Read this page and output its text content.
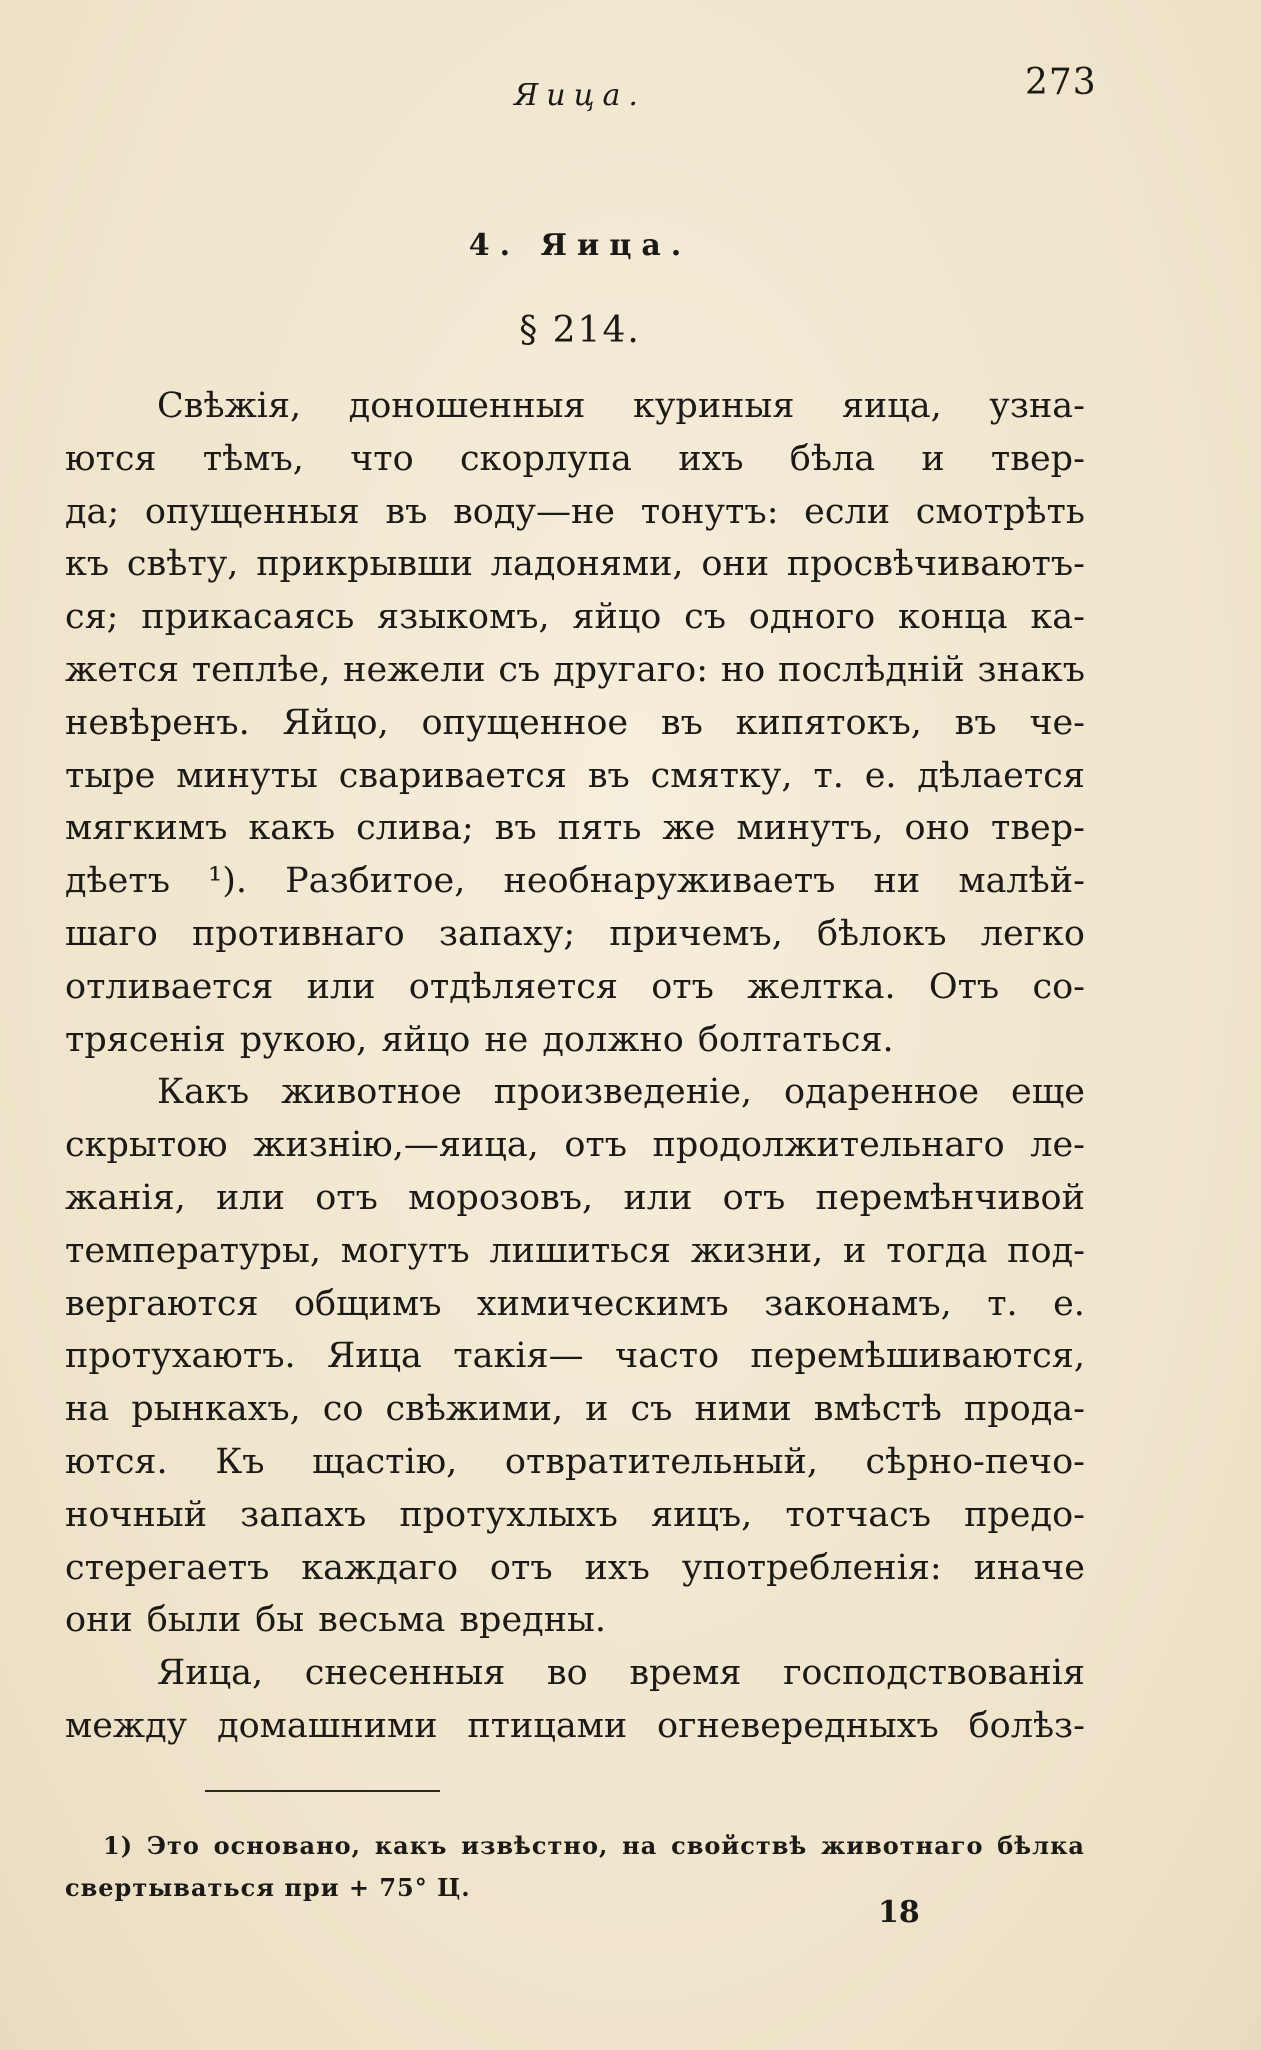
Яица.	273
4. Яица.
§ 214.
Свѣжія, доношенныя куриныя яица, узна-
ются тѣмъ, что скорлупа ихъ бѣла и твер-
да; опущенныя въ воду—не тонутъ: если смотрѣть
къ свѣту, прикрывши ладонями, они просвѣчиваютъ-
ся; прикасаясь языкомъ, яйцо съ одного конца ка-
жется теплѣе, нежели съ другаго: но послѣдній знакъ
невѣренъ. Яйцо, опущенное въ кипятокъ, въ че-
тыре минуты сваривается въ смятку, т. е. дѣлается
мягкимъ какъ слива; въ пять же минутъ, оно твер-
дѣетъ ¹). Разбитое, необнаруживаетъ ни малѣй-
шаго противнаго запаху; причемъ, бѣлокъ легко
отливается или отдѣляется отъ желтка. Отъ со-
трясенія рукою, яйцо не должно болтаться.
Какъ животное произведеніе, одаренное еще
скрытою жизнію,—яица, отъ продолжительнаго ле-
жанія, или отъ морозовъ, или отъ перемѣнчивой
температуры, могутъ лишиться жизни, и тогда под-
вергаются общимъ химическимъ законамъ, т. е.
протухаютъ. Яица такія— часто перемѣшиваются,
на рынкахъ, со свѣжими, и съ ними вмѣстѣ прода-
ются. Къ щастію, отвратительный, сѣрно-печо-
ночный запахъ протухлыхъ яицъ, тотчасъ предо-
стерегаетъ каждаго отъ ихъ употребленія: иначе
они были бы весьма вредны.
Яица, снесенныя во время господствованія
между домашними птицами огневередныхъ болѣз-
1) Это основано, какъ извѣстно, на свойствѣ животнаго бѣлка
свертываться при + 75° Ц.
18
